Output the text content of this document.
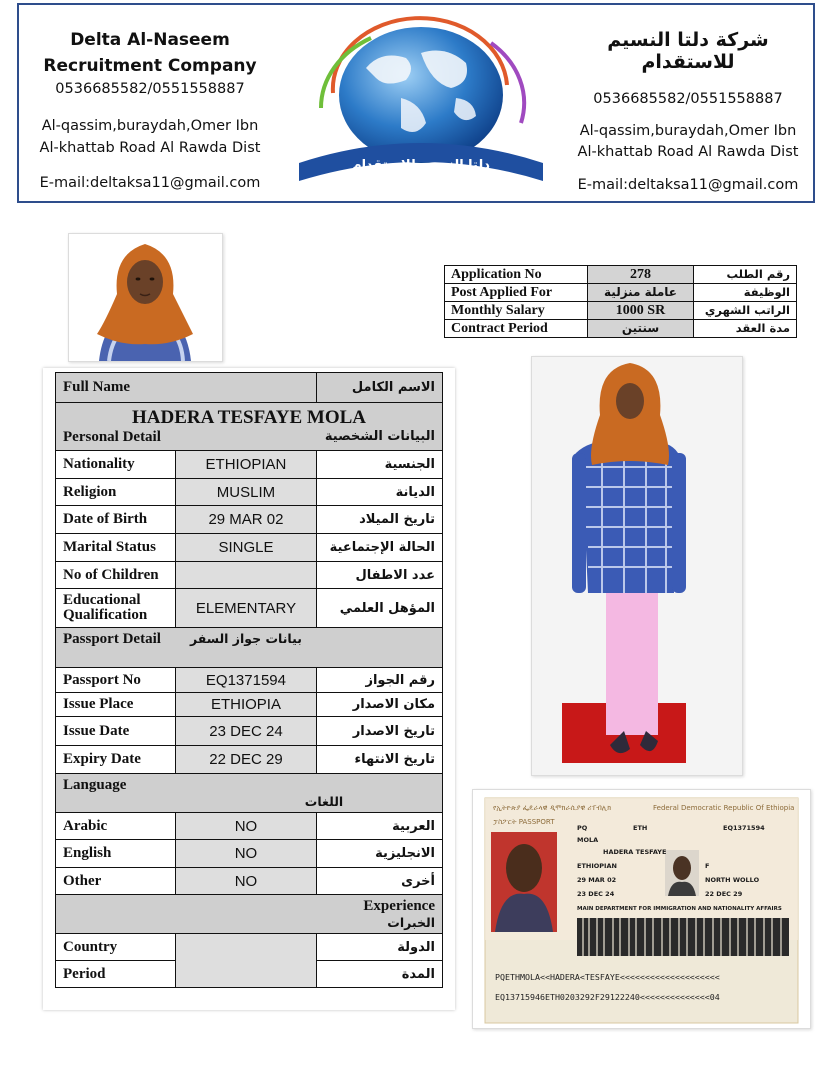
Delta Al-Naseem
Recruitment Company
0536685582/0551558887
Al-qassim,buraydah,Omer Ibn
Al-khattab Road Al Rawda Dist
E-mail:deltaksa11@gmail.com
دلتا النسيم للاستقدام
شركة دلتا النسيم للاستقدام
0536685582/0551558887
Al-qassim,buraydah,Omer Ibn
Al-khattab Road Al Rawda Dist
E-mail:deltaksa11@gmail.com
Application No	278	رقم الطلب
Post Applied For	عاملة منزلية	الوظيفة
Monthly Salary	1000 SR	الراتب الشهري
Contract Period	سنتين	مدة العقد
Full Name		الاسم الكامل

HADERA TESFAYE MOLA
Personal Detail البيانات الشخصية		

Nationality	ETHIOPIAN	الجنسية
Religion	MUSLIM	الديانة
Date of Birth	29 MAR 02	تاريخ الميلاد
Marital Status	SINGLE	الحالة الإجتماعية
No of Children		عدد الاطفال
Educational Qualification	ELEMENTARY	المؤهل العلمي
Passport Detail	بيانات جواز السفر	
Passport No	EQ1371594	رقم الجواز
Issue Place	ETHIOPIA	مكان الاصدار
Issue Date	23 DEC 24	تاريخ الاصدار
Expiry Date	22 DEC 29	تاريخ الانتهاء

Language
اللغات		

Arabic	NO	العربية
English	NO	الانجليزية
Other	NO	أخرى

Experience
الخبرات		

Country		الدولة
Period		المدة
የኢትዮጵያ ፌዴራላዊ ዲሞክራሲያዊ ሪፐብሊክ	Federal Democratic Republic Of Ethiopia
ፓስፖርት PASSPORT
PQ	ETH	EQ1371594
MOLA
HADERA TESFAYE
ETHIOPIAN	F
29 MAR 02	NORTH WOLLO
23 DEC 24	22 DEC 29
MAIN DEPARTMENT FOR IMMIGRATION AND NATIONALITY AFFAIRS
PQETHMOLA<<HADERA<TESFAYE<<<<<<<<<<<<<<<<<<<<
EQ13715946ETH0203292F29122240<<<<<<<<<<<<<<04
